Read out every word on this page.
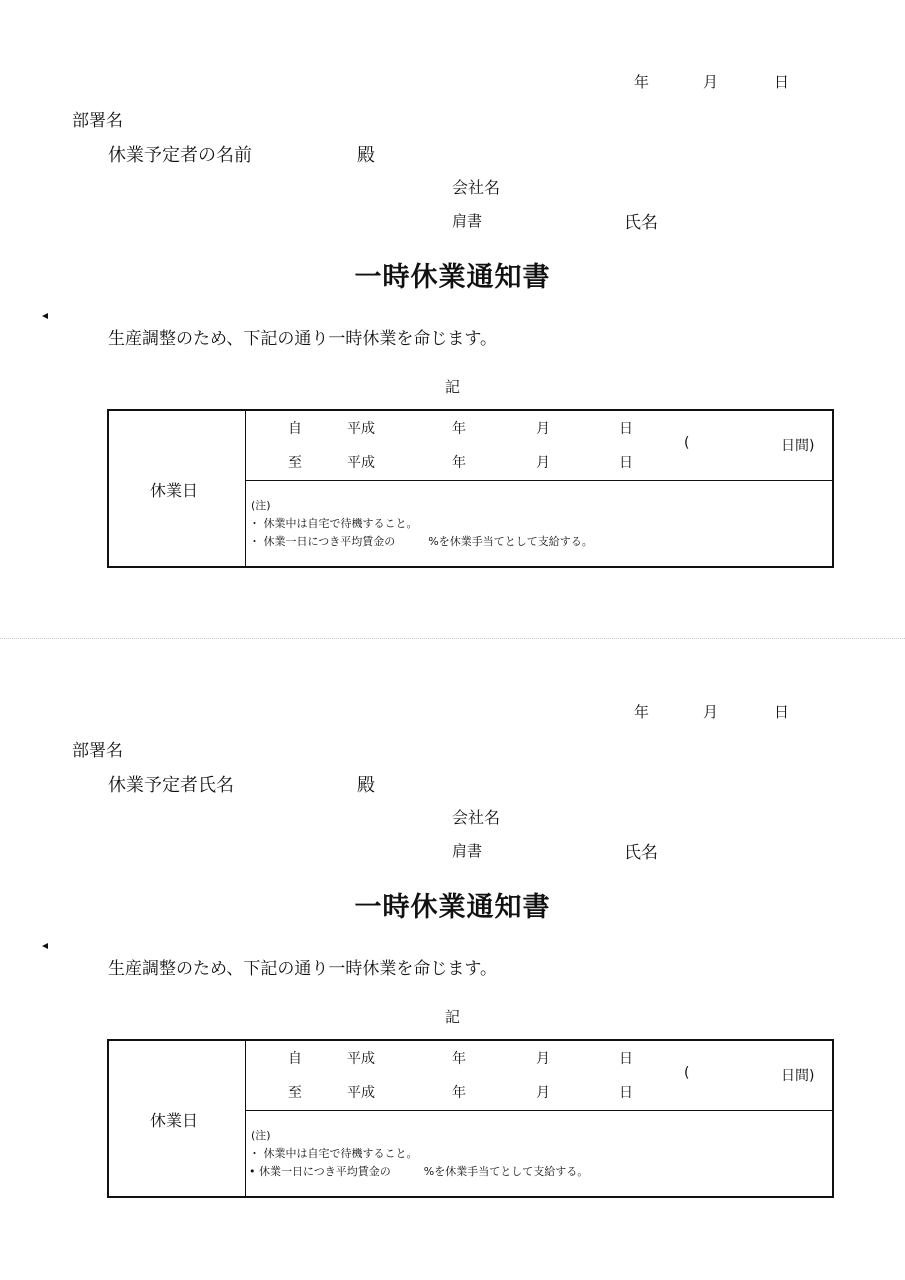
年	月	日
部署名
休業予定者の名前	殿
会社名
肩書	氏名
一時休業通知書
生産調整のため、下記の通り一時休業を命じます。
記
休業日
自	平成	年	月	日
至	平成	年	月	日
(	日間)
(注)
・ 休業中は自宅で待機すること。
・ 休業一日につき平均賃金の　　　%を休業手当てとして支給する。
年	月	日
部署名
休業予定者氏名	殿
会社名
肩書	氏名
一時休業通知書
生産調整のため、下記の通り一時休業を命じます。
記
休業日
自	平成	年	月	日
至	平成	年	月	日
(	日間)
(注)
・ 休業中は自宅で待機すること。
• 休業一日につき平均賃金の　　　%を休業手当てとして支給する。
